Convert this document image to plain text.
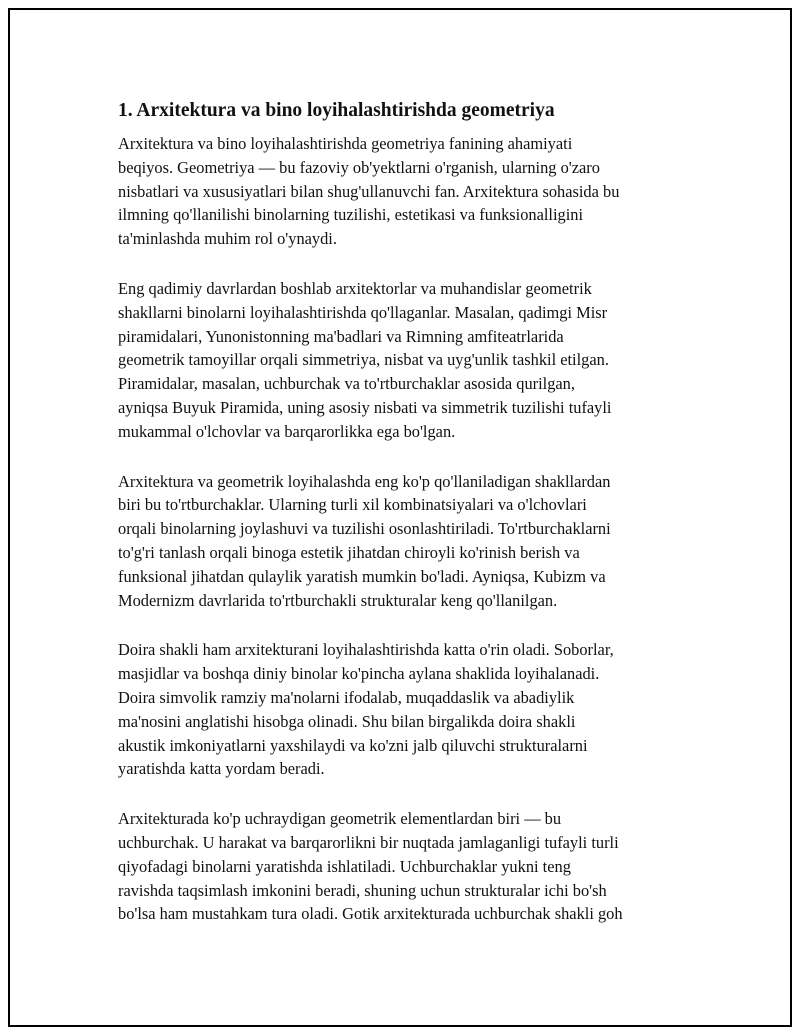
1. Arxitektura va bino loyihalashtirishda geometriya
Arxitektura va bino loyihalashtirishda geometriya fanining ahamiyati
beqiyos. Geometriya — bu fazoviy ob'yektlarni o'rganish, ularning o'zaro
nisbatlari va xususiyatlari bilan shug'ullanuvchi fan. Arxitektura sohasida bu
ilmning qo'llanilishi binolarning tuzilishi, estetikasi va funksionalligini
ta'minlashda muhim rol o'ynaydi.
Eng qadimiy davrlardan boshlab arxitektorlar va muhandislar geometrik
shakllarni binolarni loyihalashtirishda qo'llaganlar. Masalan, qadimgi Misr
piramidalari, Yunonistonning ma'badlari va Rimning amfiteatrlarida
geometrik tamoyillar orqali simmetriya, nisbat va uyg'unlik tashkil etilgan.
Piramidalar, masalan, uchburchak va to'rtburchaklar asosida qurilgan,
ayniqsa Buyuk Piramida, uning asosiy nisbati va simmetrik tuzilishi tufayli
mukammal o'lchovlar va barqarorlikka ega bo'lgan.
Arxitektura va geometrik loyihalashda eng ko'p qo'llaniladigan shakllardan
biri bu to'rtburchaklar. Ularning turli xil kombinatsiyalari va o'lchovlari
orqali binolarning joylashuvi va tuzilishi osonlashtiriladi. To'rtburchaklarni
to'g'ri tanlash orqali binoga estetik jihatdan chiroyli ko'rinish berish va
funksional jihatdan qulaylik yaratish mumkin bo'ladi. Ayniqsa, Kubizm va
Modernizm davrlarida to'rtburchakli strukturalar keng qo'llanilgan.
Doira shakli ham arxitekturani loyihalashtirishda katta o'rin oladi. Soborlar,
masjidlar va boshqa diniy binolar ko'pincha aylana shaklida loyihalanadi.
Doira simvolik ramziy ma'nolarni ifodalab, muqaddaslik va abadiylik
ma'nosini anglatishi hisobga olinadi. Shu bilan birgalikda doira shakli
akustik imkoniyatlarni yaxshilaydi va ko'zni jalb qiluvchi strukturalarni
yaratishda katta yordam beradi.
Arxitekturada ko'p uchraydigan geometrik elementlardan biri — bu
uchburchak. U harakat va barqarorlikni bir nuqtada jamlaganligi tufayli turli
qiyofadagi binolarni yaratishda ishlatiladi. Uchburchaklar yukni teng
ravishda taqsimlash imkonini beradi, shuning uchun strukturalar ichi bo'sh
bo'lsa ham mustahkam tura oladi. Gotik arxitekturada uchburchak shakli goh
